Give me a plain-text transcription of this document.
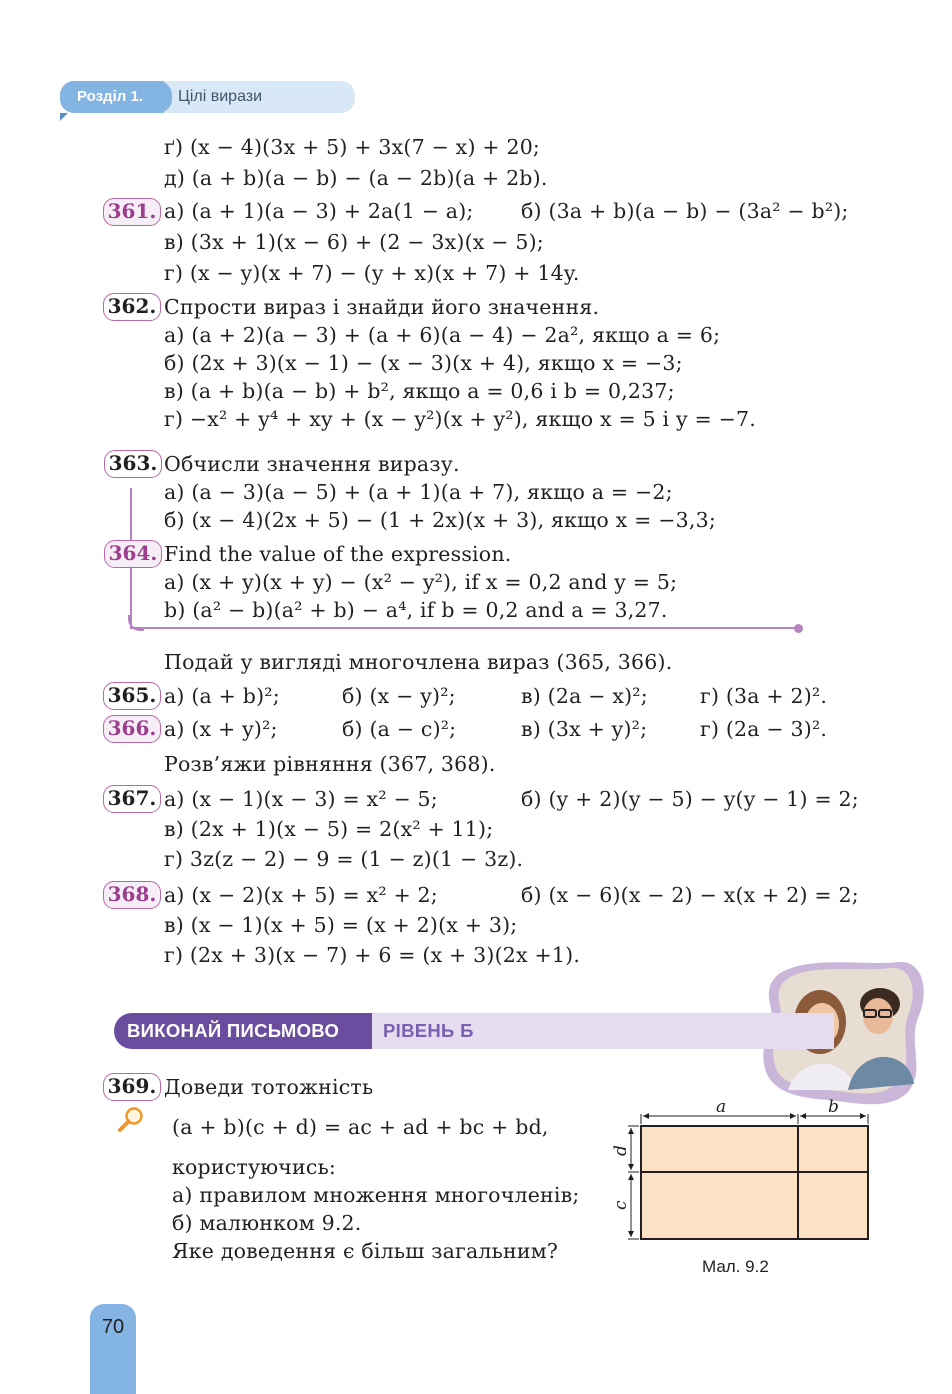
Розділ 1.	Цілі вирази
ґ) (x − 4)(3x + 5) + 3x(7 − x) + 20;
д) (a + b)(a − b) − (a − 2b)(a + 2b).
361. а) (a + 1)(a − 3) + 2a(1 − a); б) (3a + b)(a − b) − (3a² − b²);
в) (3x + 1)(x − 6) + (2 − 3x)(x − 5);
г) (x − y)(x + 7) − (y + x)(x + 7) + 14y.
362. Спрости вираз і знайди його значення.
а) (a + 2)(a − 3) + (a + 6)(a − 4) − 2a², якщо a = 6;
б) (2x + 3)(x − 1) − (x − 3)(x + 4), якщо x = −3;
в) (a + b)(a − b) + b², якщо a = 0,6 і b = 0,237;
г) −x² + y⁴ + xy + (x − y²)(x + y²), якщо x = 5 і y = −7.
363. Обчисли значення виразу.
а) (a − 3)(a − 5) + (a + 1)(a + 7), якщо a = −2;
б) (x − 4)(2x + 5) − (1 + 2x)(x + 3), якщо x = −3,3;
364. Find the value of the expression.
a) (x + y)(x + y) − (x² − y²), if x = 0,2 and y = 5;
b) (a² − b)(a² + b) − a⁴, if b = 0,2 and a = 3,27.
Подай у вигляді многочлена вираз (365, 366).
365. а) (a + b)²;	б) (x − y)²;	в) (2a − x)²;	г) (3a + 2)².
366. а) (x + y)²;	б) (a − c)²;	в) (3x + y)²;	г) (2a − 3)².
Розв’яжи рівняння (367, 368).
367. а) (x − 1)(x − 3) = x² − 5;	б) (y + 2)(y − 5) − y(y − 1) = 2;
в) (2x + 1)(x − 5) = 2(x² + 11);
г) 3z(z − 2) − 9 = (1 − z)(1 − 3z).
368. а) (x − 2)(x + 5) = x² + 2;	б) (x − 6)(x − 2) − x(x + 2) = 2;
в) (x − 1)(x + 5) = (x + 2)(x + 3);
г) (2x + 3)(x − 7) + 6 = (x + 3)(2x +1).
ВИКОНАЙ ПИСЬМОВО	РІВЕНЬ Б
369. Доведи тотожність
(a + b)(c + d) = ac + ad + bc + bd,
користуючись:
а) правилом множення многочленів;
б) малюнком 9.2.
Яке доведення є більш загальним?
a	b
d
c
Мал. 9.2
70
